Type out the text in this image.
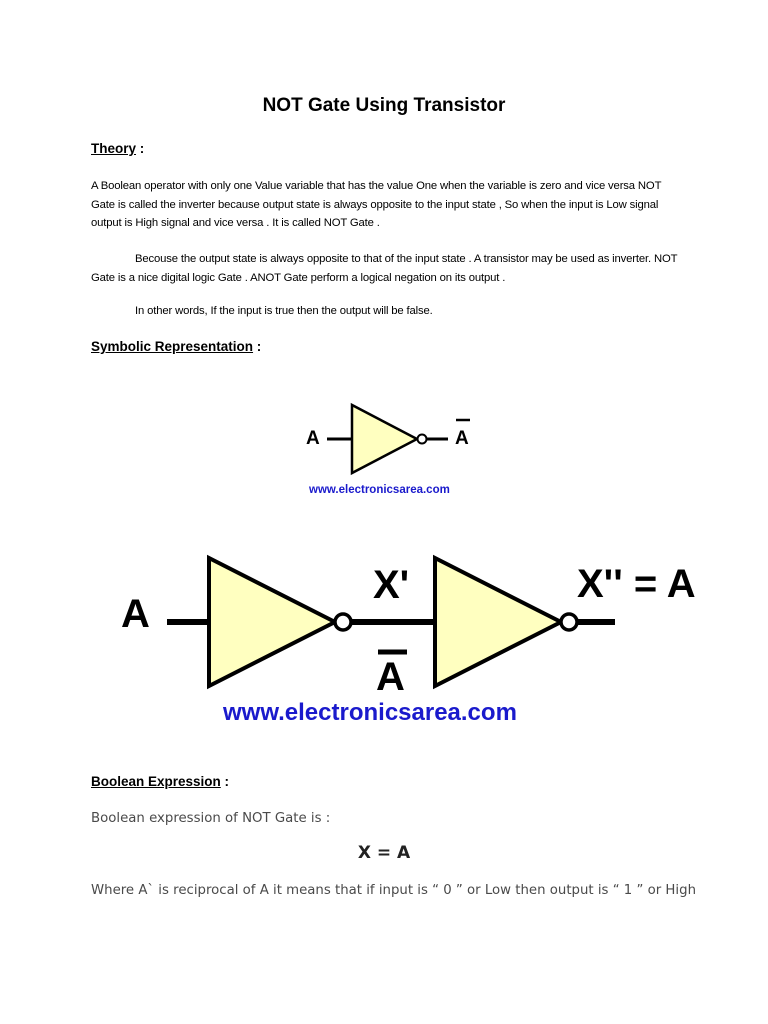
NOT Gate Using Transistor
Theory :
A Boolean operator with only one Value variable that has the value One when the variable is zero and vice versa NOT Gate is called the inverter because output state is always opposite to the input state , So when the input is Low signal output is High signal and vice versa . It is called NOT Gate .
Becouse the output state is always opposite to that of the input state . A transistor may be used as inverter. NOT Gate is a nice digital logic Gate . ANOT Gate perform a logical negation on its output .
In other words, If the input is true then the output will be false.
Symbolic Representation :
A	A
www.electronicsarea.com
A
X'
A
X'' = A
www.electronicsarea.com
Boolean Expression :
Boolean expression of NOT Gate is :
X = A
Where A` is reciprocal of A it means that if input is “ 0 ” or Low then output is “ 1 ” or High
